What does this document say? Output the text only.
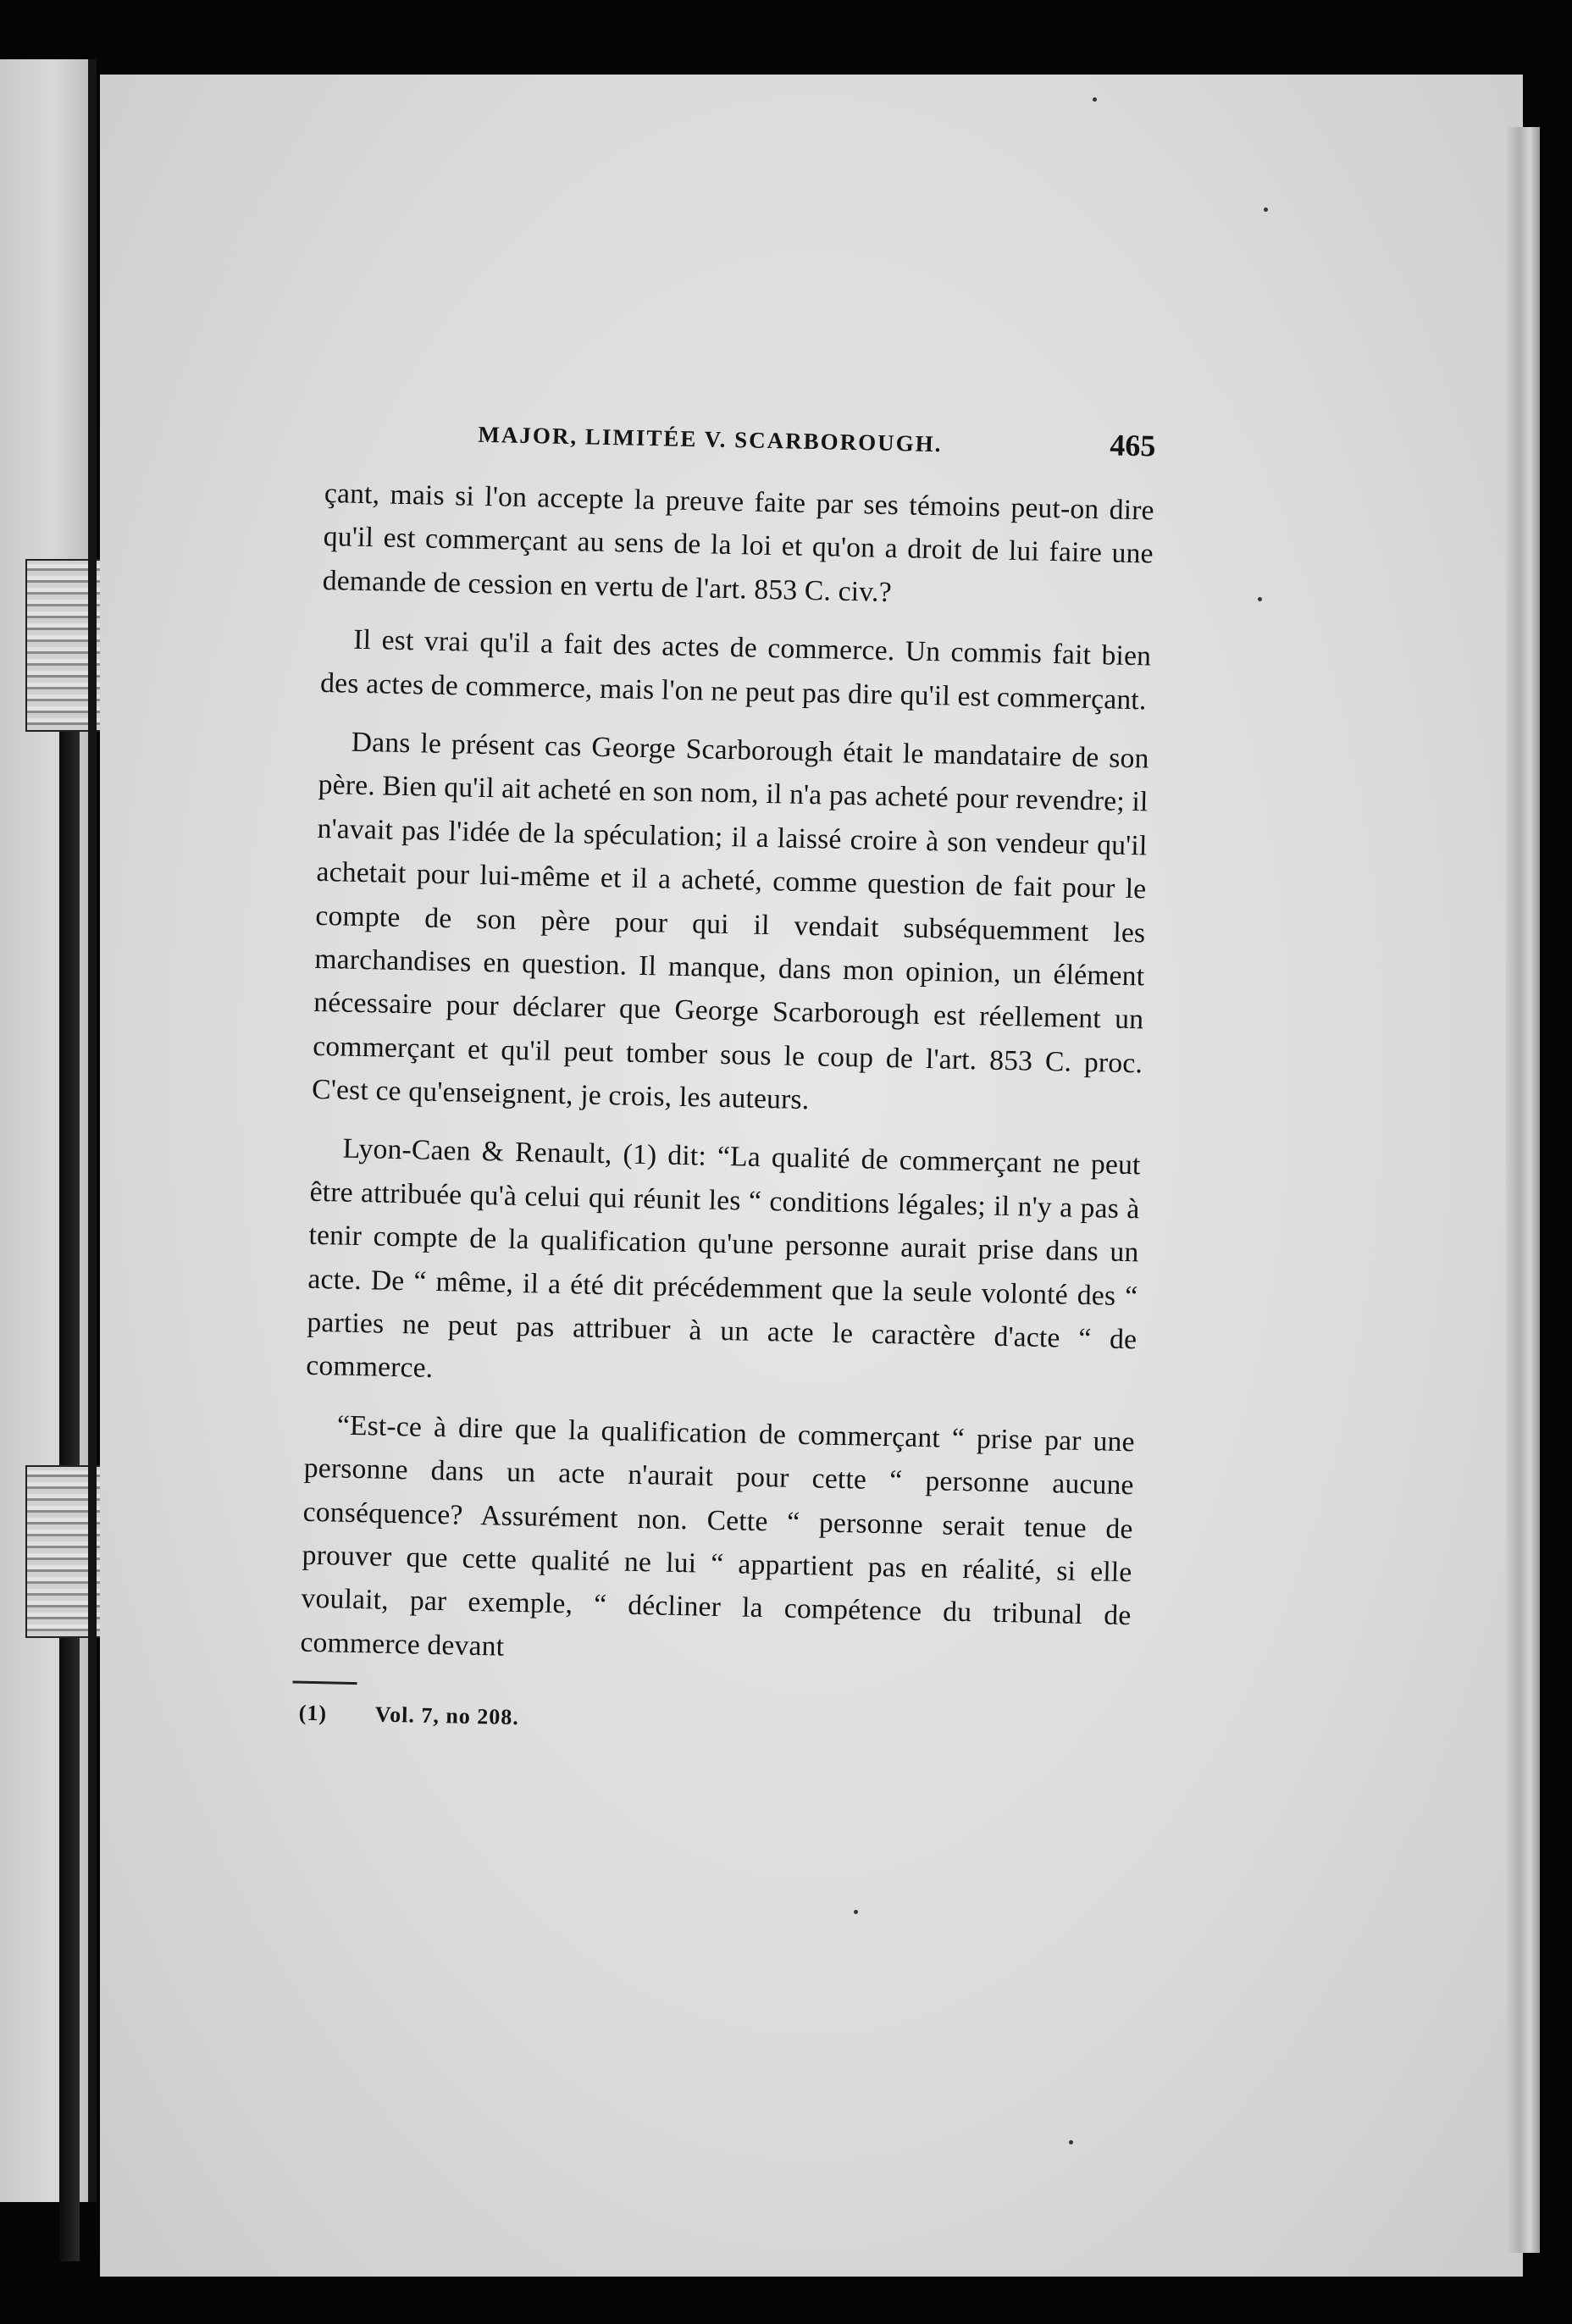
MAJOR, LIMITÉE V. SCARBOROUGH.	465

çant, mais si l'on accepte la preuve faite par ses témoins peut-on dire qu'il est commerçant au sens de la loi et qu'on a droit de lui faire une demande de cession en vertu de l'art. 853 C. civ.?

Il est vrai qu'il a fait des actes de commerce. Un commis fait bien des actes de commerce, mais l'on ne peut pas dire qu'il est commerçant.

Dans le présent cas George Scarborough était le mandataire de son père. Bien qu'il ait acheté en son nom, il n'a pas acheté pour revendre; il n'avait pas l'idée de la spéculation; il a laissé croire à son vendeur qu'il achetait pour lui-même et il a acheté, comme question de fait pour le compte de son père pour qui il vendait subséquemment les marchandises en question. Il manque, dans mon opinion, un élément nécessaire pour déclarer que George Scarborough est réellement un commerçant et qu'il peut tomber sous le coup de l'art. 853 C. proc. C'est ce qu'enseignent, je crois, les auteurs.

Lyon-Caen & Renault, (1) dit: “La qualité de commerçant ne peut être attribuée qu'à celui qui réunit les “ conditions légales; il n'y a pas à tenir compte de la qualification qu'une personne aurait prise dans un acte. De “ même, il a été dit précédemment que la seule volonté des “ parties ne peut pas attribuer à un acte le caractère d'acte “ de commerce.

“Est-ce à dire que la qualification de commerçant “ prise par une personne dans un acte n'aurait pour cette “ personne aucune conséquence? Assurément non. Cette “ personne serait tenue de prouver que cette qualité ne lui “ appartient pas en réalité, si elle voulait, par exemple, “ décliner la compétence du tribunal de commerce devant

(1) Vol. 7, no 208.
